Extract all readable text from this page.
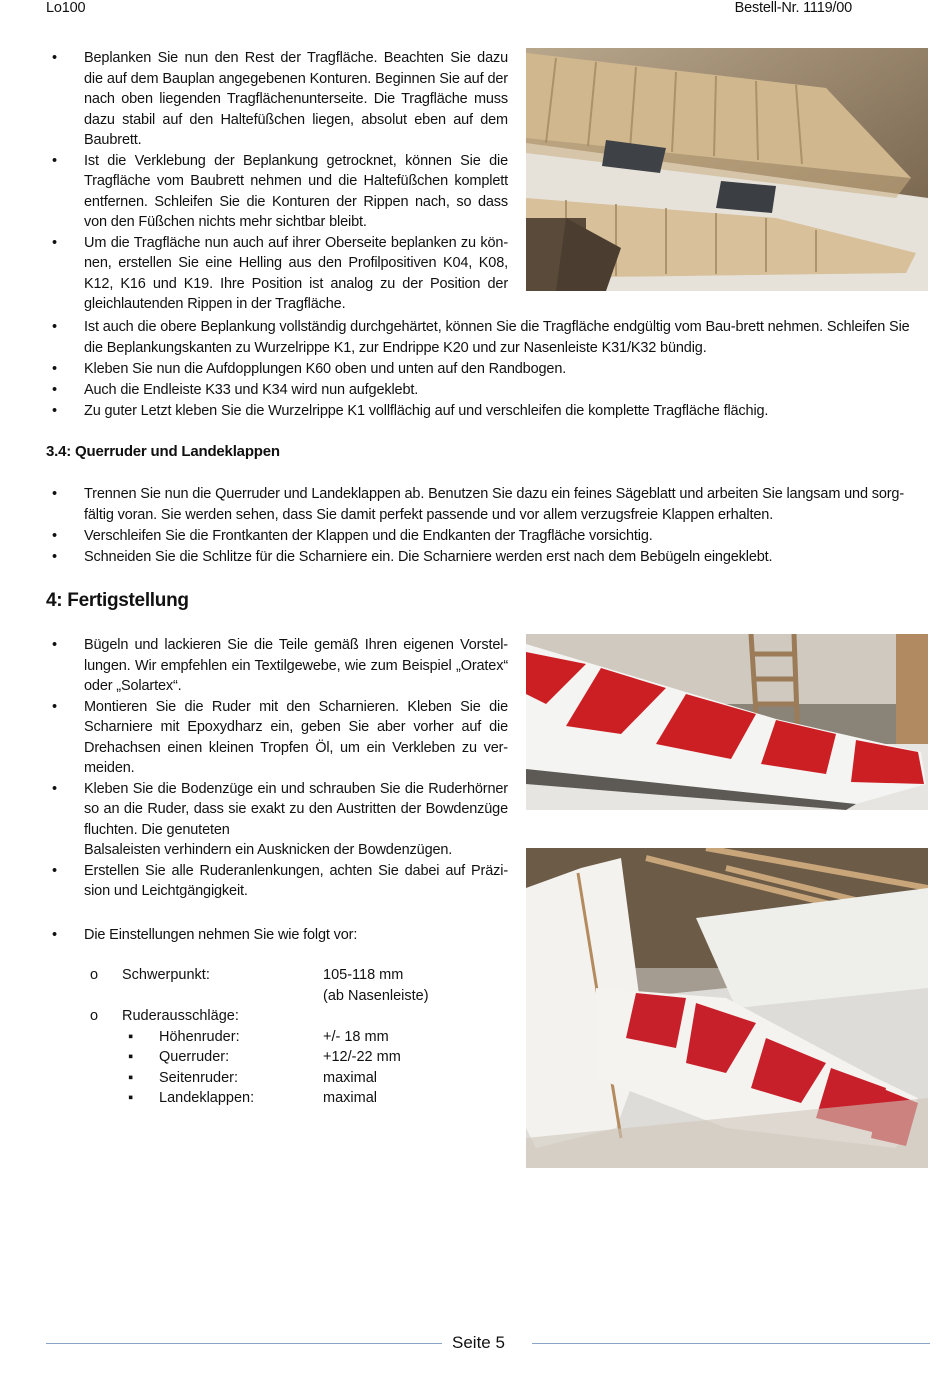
Lo100	Bestell-Nr. 1119/00
• Beplanken Sie nun den Rest der Tragfläche. Beachten Sie dazu die auf dem Bauplan angegebenen Konturen. Beginnen Sie auf der nach oben liegenden Tragflächenunterseite. Die Tragfläche muss dazu stabil auf den Haltefüßchen liegen, absolut eben auf dem Baubrett.
• Ist die Verklebung der Beplankung getrocknet, können Sie die Tragfläche vom Baubrett nehmen und die Haltefüßchen komplett entfernen. Schleifen Sie die Konturen der Rippen nach, so dass von den Füßchen nichts mehr sichtbar bleibt.
• Um die Tragfläche nun auch auf ihrer Oberseite beplanken zu kön-nen, erstellen Sie eine Helling aus den Profilpositiven K04, K08, K12, K16 und K19. Ihre Position ist analog zu der Position der gleichlautenden Rippen in der Tragfläche.
• Ist auch die obere Beplankung vollständig durchgehärtet, können Sie die Tragfläche endgültig vom Bau-brett nehmen. Schleifen Sie die Beplankungskanten zu Wurzelrippe K1, zur Endrippe K20 und zur Nasenleiste K31/K32 bündig.
• Kleben Sie nun die Aufdopplungen K60 oben und unten auf den Randbogen.
• Auch die Endleiste K33 und K34 wird nun aufgeklebt.
• Zu guter Letzt kleben Sie die Wurzelrippe K1 vollflächig auf und verschleifen die komplette Tragfläche flächig.
3.4: Querruder und Landeklappen
• Trennen Sie nun die Querruder und Landeklappen ab. Benutzen Sie dazu ein feines Sägeblatt und arbeiten Sie langsam und sorg-fältig voran. Sie werden sehen, dass Sie damit perfekt passende und vor allem verzugsfreie Klappen erhalten.
• Verschleifen Sie die Frontkanten der Klappen und die Endkanten der Tragfläche vorsichtig.
• Schneiden Sie die Schlitze für die Scharniere ein. Die Scharniere werden erst nach dem Bebügeln eingeklebt.
4: Fertigstellung
• Bügeln und lackieren Sie die Teile gemäß Ihren eigenen Vorstel-lungen. Wir empfehlen ein Textilgewebe, wie zum Beispiel „Oratex“ oder „Solartex“.
• Montieren Sie die Ruder mit den Scharnieren. Kleben Sie die Scharniere mit Epoxydharz ein, geben Sie aber vorher auf die Drehachsen einen kleinen Tropfen Öl, um ein Verkleben zu ver-meiden.
• Kleben Sie die Bodenzüge ein und schrauben Sie die Ruderhörner so an die Ruder, dass sie exakt zu den Austritten der Bowdenzüge fluchten. Die genuteten
Balsaleisten verhindern ein Ausknicken der Bowdenzügen.
• Erstellen Sie alle Ruderanlenkungen, achten Sie dabei auf Präzi-sion und Leichtgängigkeit.
• Die Einstellungen nehmen Sie wie folgt vor:
o Schwerpunkt:	105-118 mm
(ab Nasenleiste)
o Ruderausschläge:
▪ Höhenruder:	+/- 18 mm
▪ Querruder:	+12/-22 mm
▪ Seitenruder:	maximal
▪ Landeklappen:	maximal
Seite 5
